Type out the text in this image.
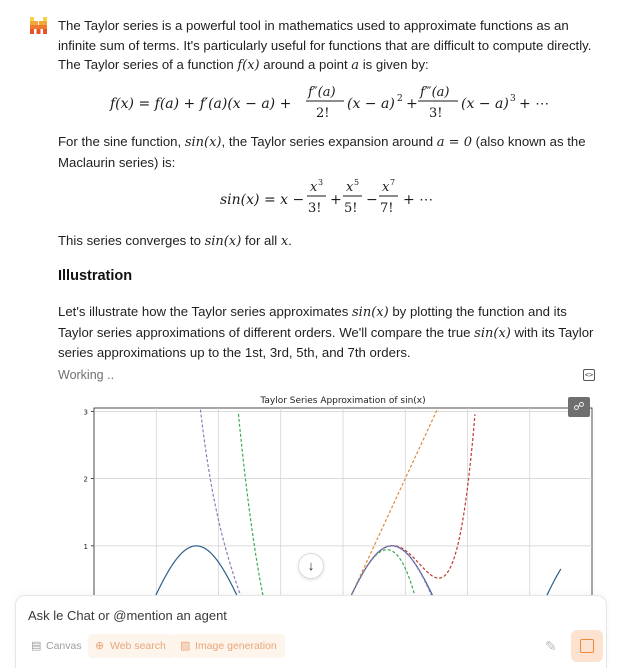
The Taylor series is a powerful tool in mathematics used to approximate functions as an infinite sum of terms. It's particularly useful for functions that are difficult to compute directly. The Taylor series of a function f(x) around a point a is given by:
f(x) = f(a) + f′(a)(x − a) +
f″(a)
2!
(x − a) 2 +
f‴(a)
3!
(x − a) 3 + ⋯
For the sine function, sin(x), the Taylor series expansion around a = 0 (also known as the Maclaurin series) is:
sin(x) = x −
x 3
3!
+
x 5
5!
−
x 7
7!
+ ⋯
This series converges to sin(x) for all x.
Illustration
Let's illustrate how the Taylor series approximates sin(x) by plotting the function and its Taylor series approximations of different orders. We'll compare the true sin(x) with its Taylor series approximations up to the 1st, 3rd, 5th, and 7th orders.
Working ..	<>
Taylor Series Approximation of sin(x)
1
2
3	☍
↓
Ask le Chat or @mention an agent
▤ Canvas	⊕ Web search	▨ Image generation	✎
